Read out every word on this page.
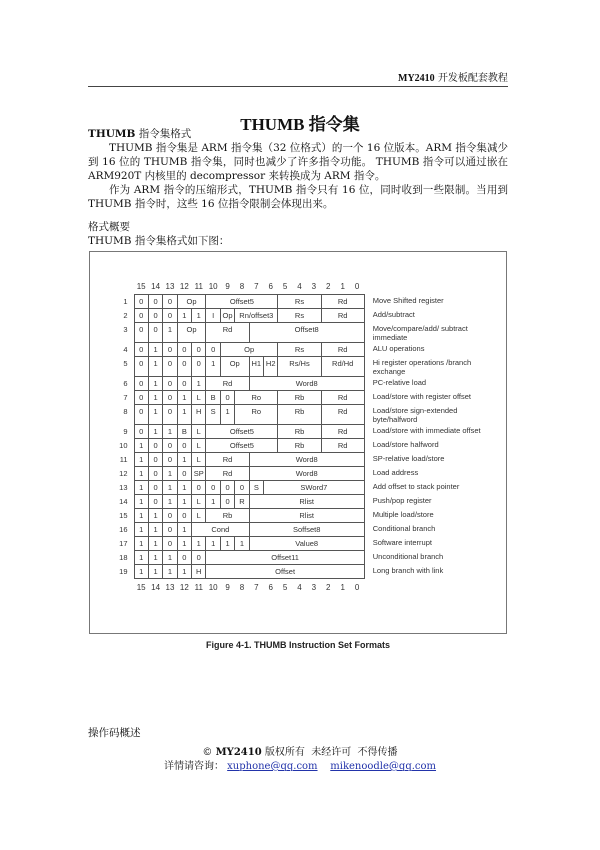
MY2410 开发板配套教程
THUMB 指令集
THUMB 指令集格式

THUMB 指令集是 ARM 指令集（32 位格式）的一个 16 位版本。ARM 指令集减少到 16 位的 THUMB 指令集，同时也减少了许多指令功能。 THUMB 指令可以通过嵌在 ARM920T 内核里的 decompressor 来转换成为 ARM 指令。

作为 ARM 指令的压缩形式，THUMB 指令只有 16 位，同时收到一些限制。当用到 THUMB 指令时，这些 16 位指令限制会体现出来。

格式概要
THUMB 指令集格式如下图：
15 14 13 12 11 10 9	8	7	6	5	4	3	2	1	0
1	0	0	0	Op		Offset5					Rs	Rd	Move Shifted register
2	0	0	0	1	1	I	Op	Rn/offset3			Rs	Rd	Add/subtract
3	0	0	1	Op		Rd			Offset8				Move/compare/add/ subtract immediate
4	0	1	0	0	0	0	Op				Rs	Rd	ALU operations
5	0	1	0	0	0	1	Op		H1	H2	Rs/Hs	Rd/Hd	Hi register operations /branch exchange
6	0	1	0	0	1	Rd			Word8				PC-relative load
7	0	1	0	1	L	B	0	Ro			Rb	Rd	Load/store with register offset
8	0	1	0	1	H	S	1	Ro			Rb	Rd	Load/store sign-extended byte/halfword
9	0	1	1	B	L	Offset5					Rb	Rd	Load/store with immediate offset
10	1	0	0	0	L	Offset5					Rb	Rd	Load/store halfword
11	1	0	0	1	L	Rd			Word8				SP-relative load/store
12	1	0	1	0	SP	Rd			Word8				Load address
13	1	0	1	1	0	0	0	0	S	SWord7			Add offset to stack pointer
14	1	0	1	1	L	1	0	R	Rlist				Push/pop register
15	1	1	0	0	L	Rb			Rlist				Multiple load/store
16	1	1	0	1	Cond				Soffset8				Conditional branch
17	1	1	0	1	1	1	1	1	Value8				Software interrupt
18	1	1	1	0	0	Offset11							Unconditional branch
19	1	1	1	1	H	Offset							Long branch with link
15 14 13 12 11 10 9	8	7	6	5	4	3	2	1	0
Figure 4-1. THUMB Instruction Set Formats
操作码概述
© MY2410 版权所有  未经许可  不得传播
详情请咨询： xuphone@qq.com mikenoodle@qq.com
